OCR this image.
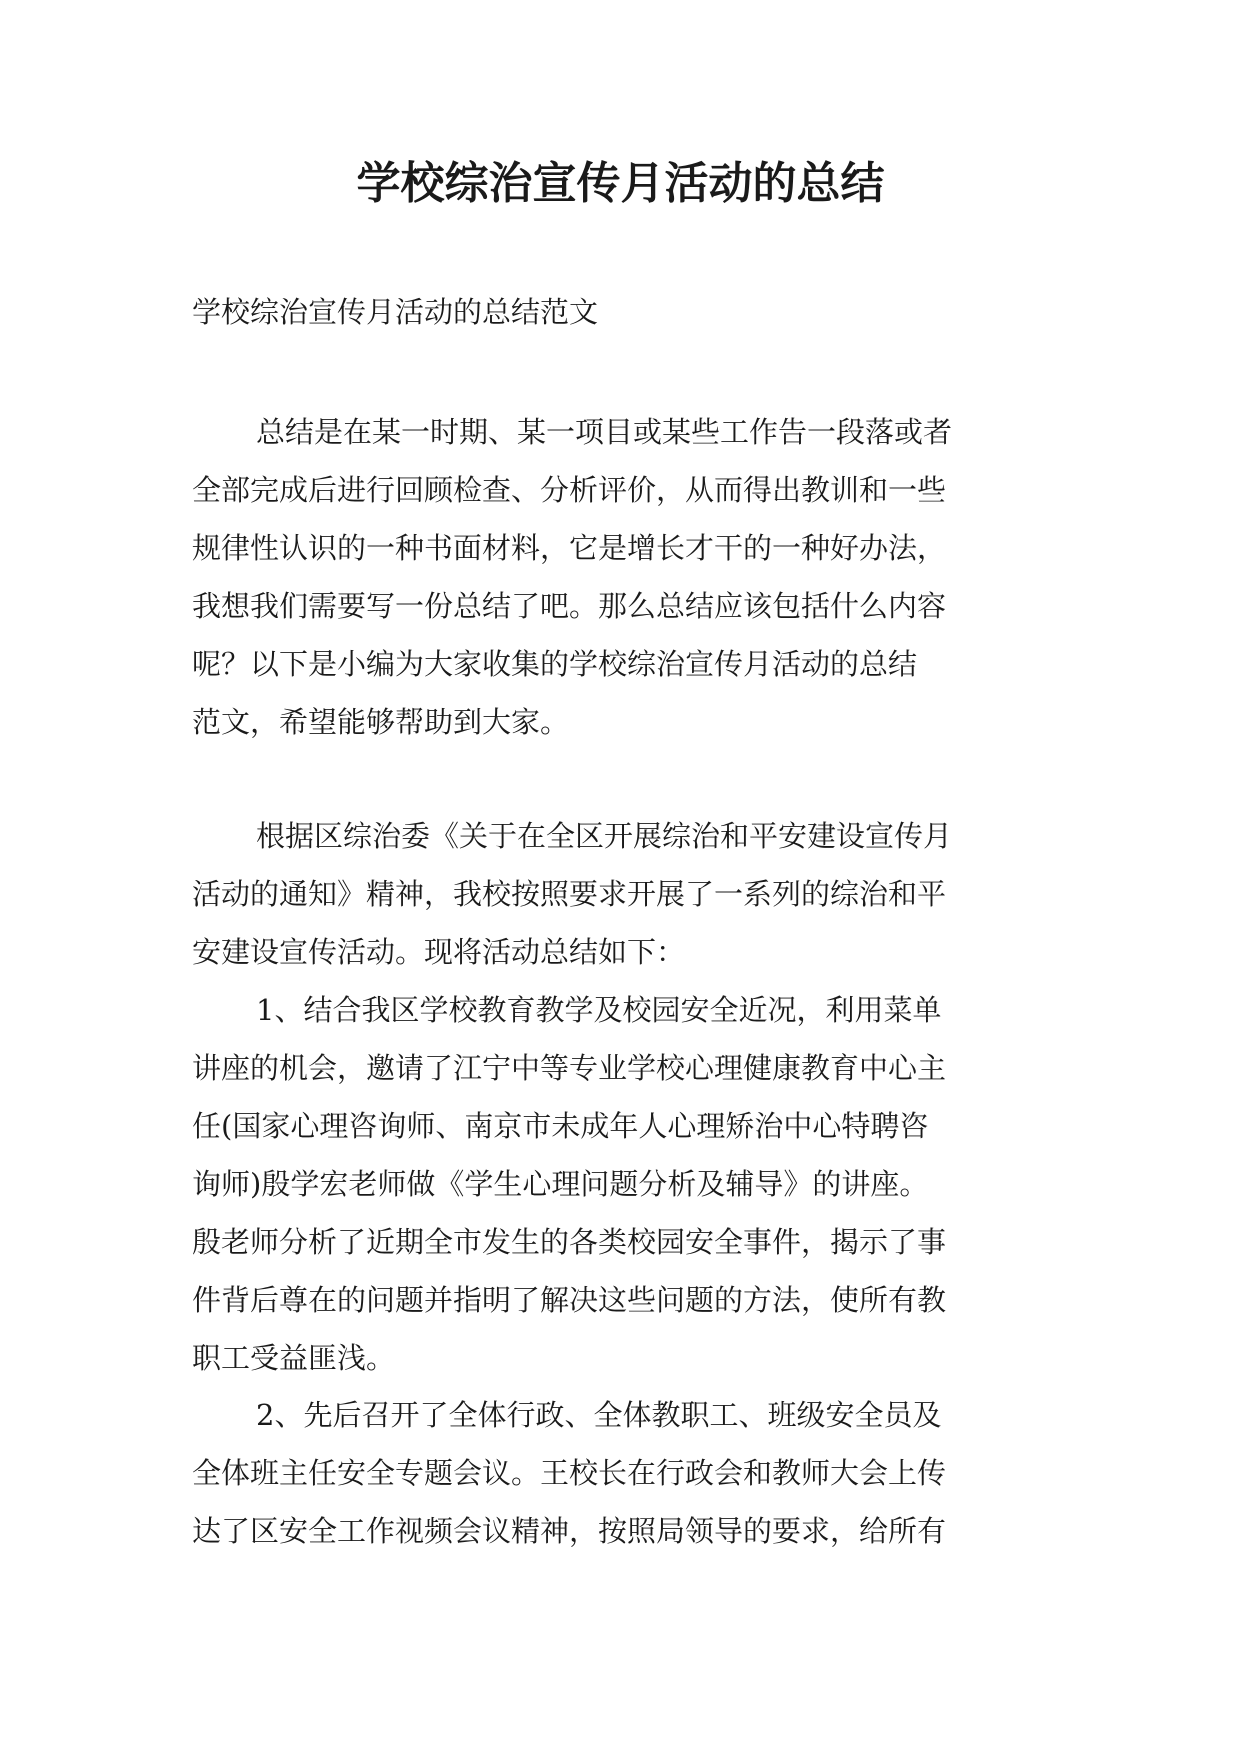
学校综治宣传月活动的总结

学校综治宣传月活动的总结范文

总结是在某一时期、某一项目或某些工作告一段落或者
全部完成后进行回顾检查、分析评价，从而得出教训和一些
规律性认识的一种书面材料，它是增长才干的一种好办法，
我想我们需要写一份总结了吧。那么总结应该包括什么内容
呢？以下是小编为大家收集的学校综治宣传月活动的总结
范文，希望能够帮助到大家。

根据区综治委《关于在全区开展综治和平安建设宣传月
活动的通知》精神，我校按照要求开展了一系列的综治和平
安建设宣传活动。现将活动总结如下：

1、结合我区学校教育教学及校园安全近况，利用菜单
讲座的机会，邀请了江宁中等专业学校心理健康教育中心主
任(国家心理咨询师、南京市未成年人心理矫治中心特聘咨
询师)殷学宏老师做《学生心理问题分析及辅导》的讲座。
殷老师分析了近期全市发生的各类校园安全事件，揭示了事
件背后尊在的问题并指明了解决这些问题的方法，使所有教
职工受益匪浅。

2、先后召开了全体行政、全体教职工、班级安全员及
全体班主任安全专题会议。王校长在行政会和教师大会上传
达了区安全工作视频会议精神，按照局领导的要求，给所有
